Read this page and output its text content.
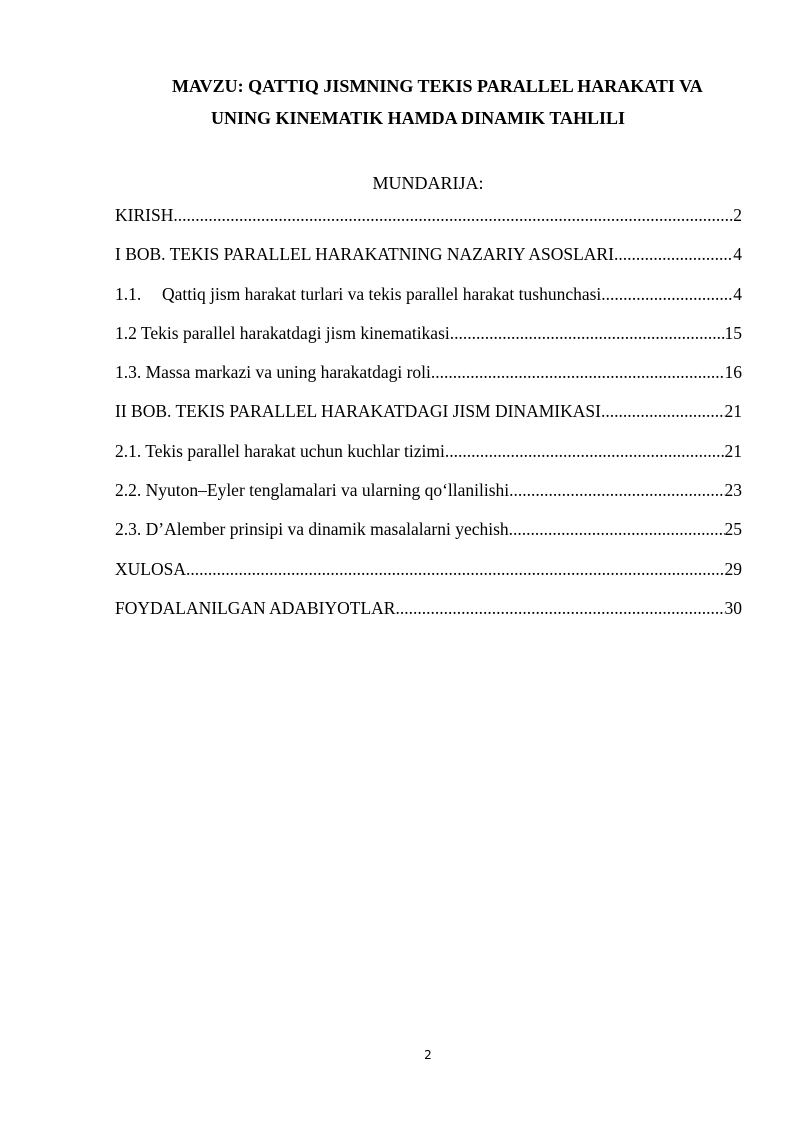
MAVZU: QATTIQ JISMNING TEKIS PARALLEL HARAKATI VA
UNING KINEMATIK HAMDA DINAMIK TAHLILI
MUNDARIJA:
KIRISH .....	2
I BOB. TEKIS PARALLEL HARAKATNING NAZARIY ASOSLARI .....	4
1.1.	Qattiq jism harakat turlari va tekis parallel harakat tushunchasi .....	4
1.2 Tekis parallel harakatdagi jism kinematikasi .....	15
1.3. Massa markazi va uning harakatdagi roli .....	16
II BOB. TEKIS PARALLEL HARAKATDAGI JISM DINAMIKASI .....	21
2.1. Tekis parallel harakat uchun kuchlar tizimi .....	21
2.2. Nyuton–Eyler tenglamalari va ularning qo‘llanilishi .....	23
2.3. D’Alember prinsipi va dinamik masalalarni yechish .....	25
XULOSA .....	29
FOYDALANILGAN ADABIYOTLAR .....	30
2
